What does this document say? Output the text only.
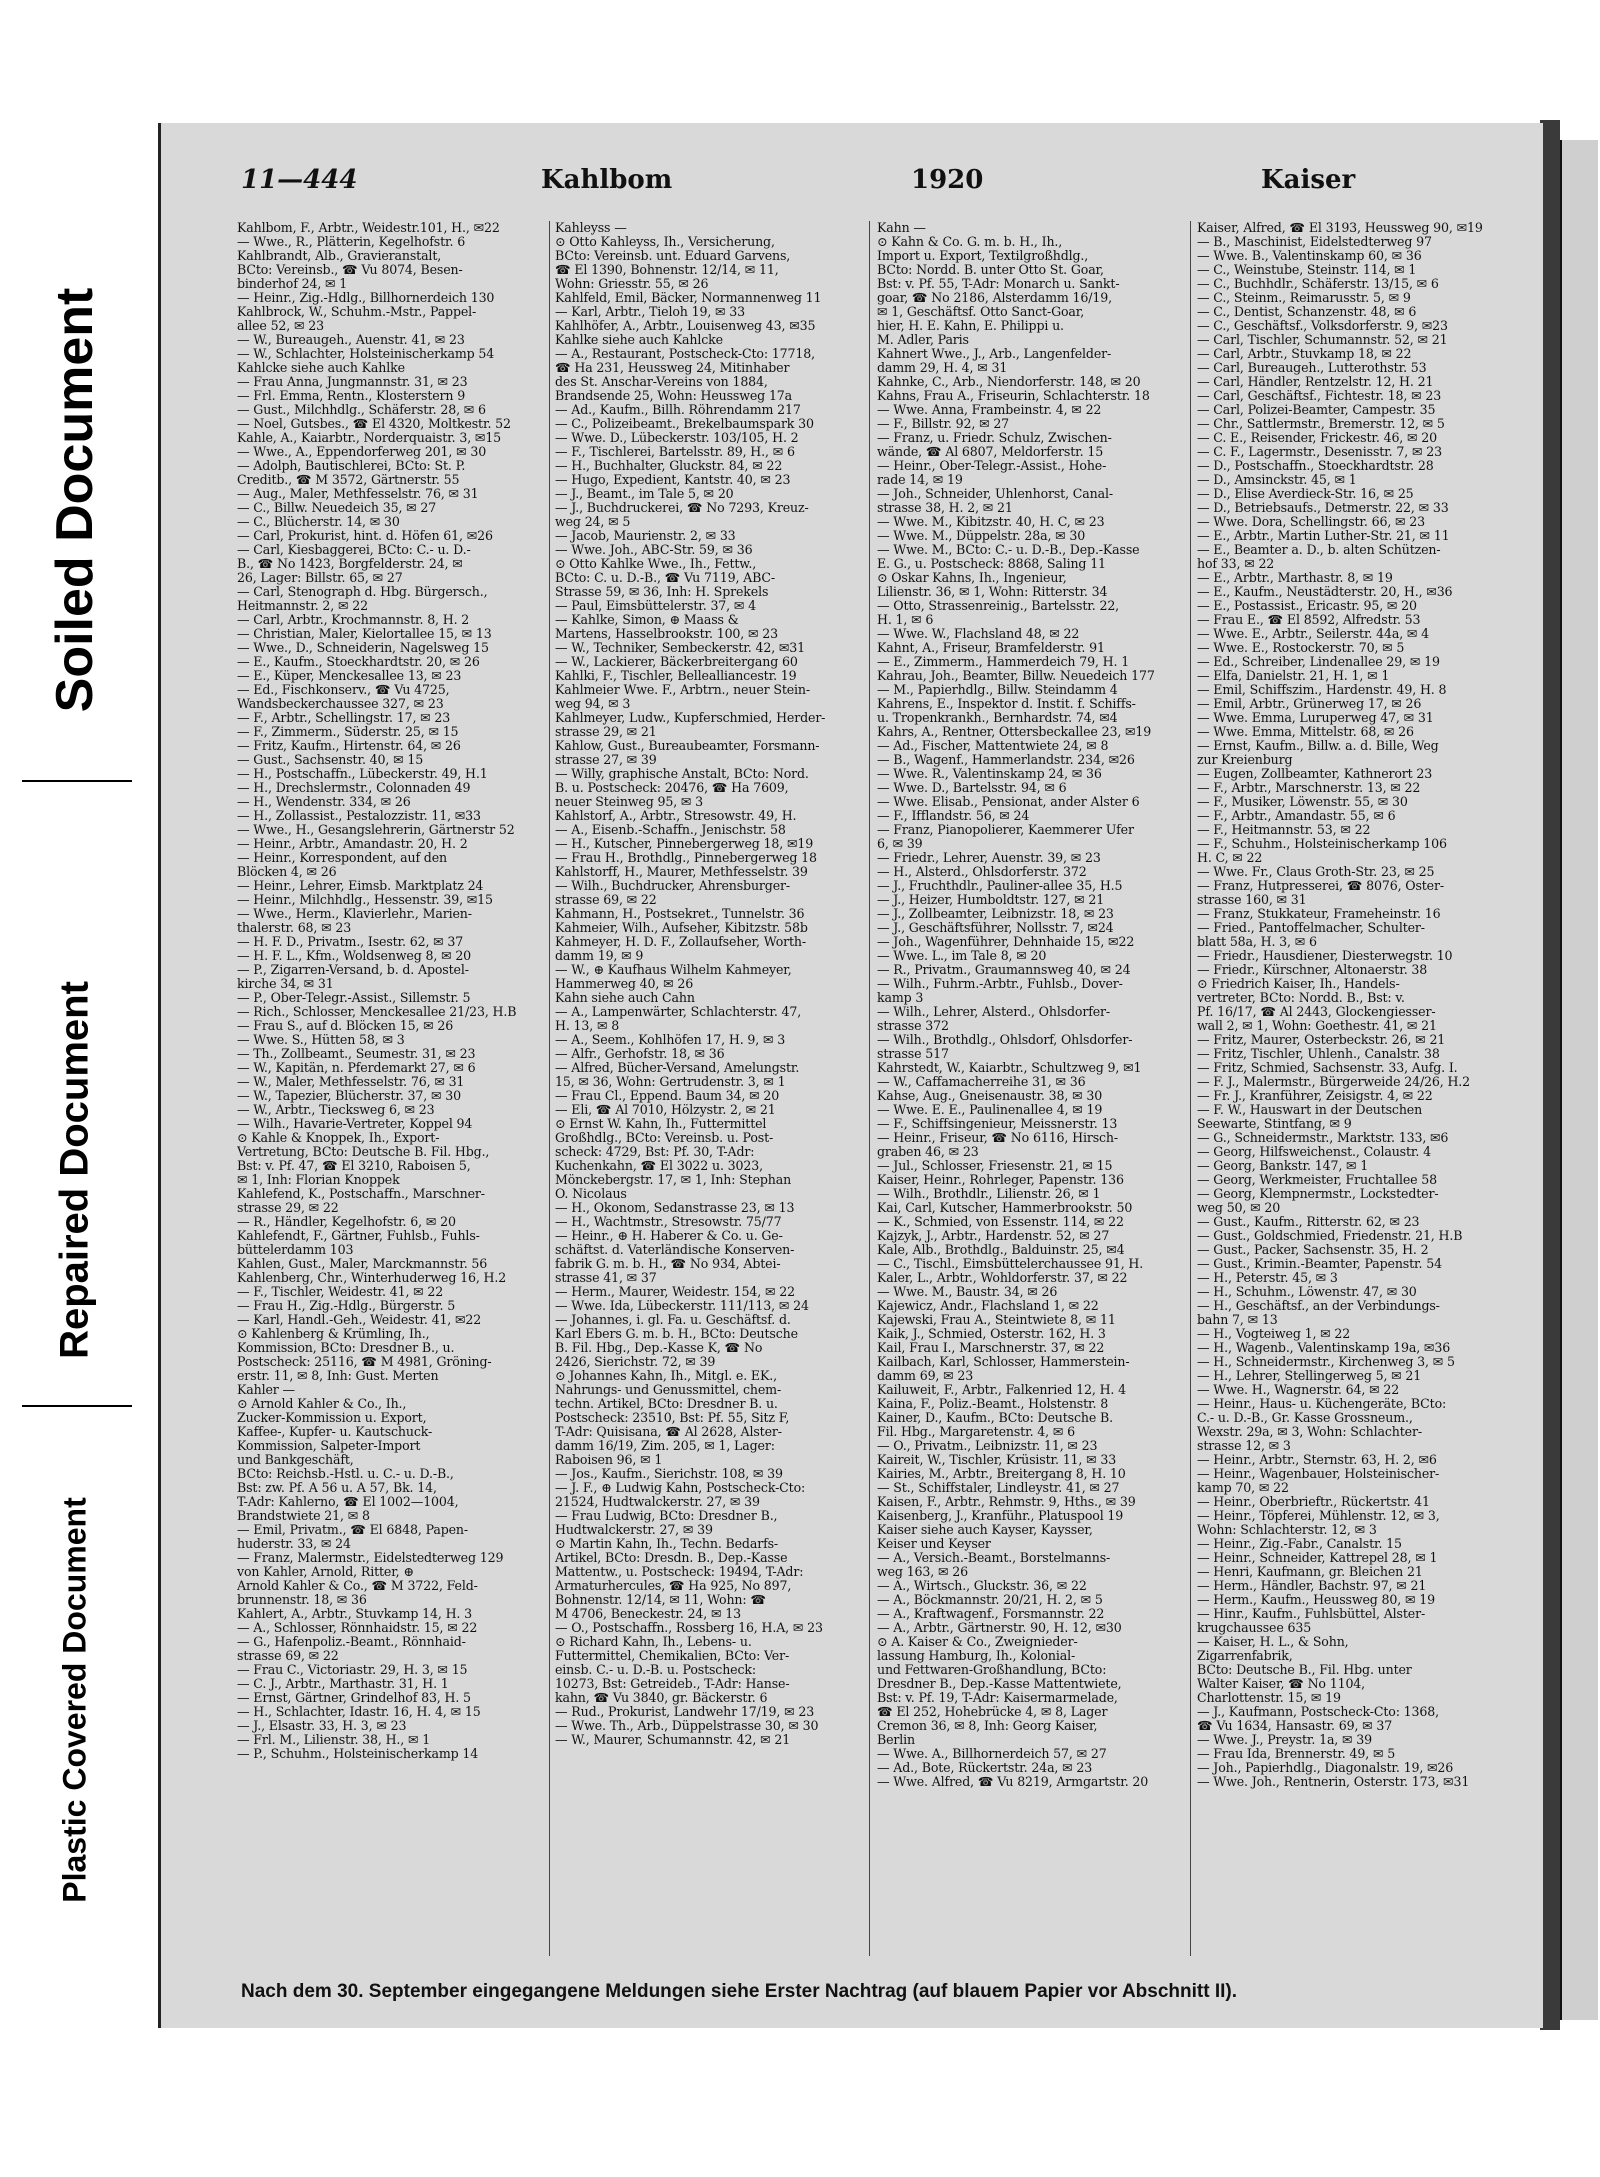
Soiled Document
Repaired Document
Plastic Covered Document
11—444	Kahlbom	1920	Kaiser
Kahlbom, F., Arbtr., Weidestr.101, H., ✉22
— Wwe., R., Plätterin, Kegelhofstr. 6
Kahlbrandt, Alb., Gravieranstalt,
BCto: Vereinsb., ☎ Vu 8074, Besen-
binderhof 24, ✉ 1
— Heinr., Zig.-Hdlg., Billhornerdeich 130
Kahlbrock, W., Schuhm.-Mstr., Pappel-
allee 52, ✉ 23
— W., Bureaugeh., Auenstr. 41, ✉ 23
— W., Schlachter, Holsteinischerkamp 54
Kahlcke siehe auch Kahlke
— Frau Anna, Jungmannstr. 31, ✉ 23
— Frl. Emma, Rentn., Klosterstern 9
— Gust., Milchhdlg., Schäferstr. 28, ✉ 6
— Noel, Gutsbes., ☎ El 4320, Moltkestr. 52
Kahle, A., Kaiarbtr., Norderquaistr. 3, ✉15
— Wwe., A., Eppendorferweg 201, ✉ 30
— Adolph, Bautischlerei, BCto: St. P.
Creditb., ☎ M 3572, Gärtnerstr. 55
— Aug., Maler, Methfesselstr. 76, ✉ 31
— C., Billw. Neuedeich 35, ✉ 27
— C., Blücherstr. 14, ✉ 30
— Carl, Prokurist, hint. d. Höfen 61, ✉26
— Carl, Kiesbaggerei, BCto: C.- u. D.-
B., ☎ No 1423, Borgfelderstr. 24, ✉
26, Lager: Billstr. 65, ✉ 27
— Carl, Stenograph d. Hbg. Bürgersch.,
Heitmannstr. 2, ✉ 22
— Carl, Arbtr., Krochmannstr. 8, H. 2
— Christian, Maler, Kielortallee 15, ✉ 13
— Wwe., D., Schneiderin, Nagelsweg 15
— E., Kaufm., Stoeckhardtstr. 20, ✉ 26
— E., Küper, Menckesallee 13, ✉ 23
— Ed., Fischkonserv., ☎ Vu 4725,
Wandsbeckerchaussee 327, ✉ 23
— F., Arbtr., Schellingstr. 17, ✉ 23
— F., Zimmerm., Süderstr. 25, ✉ 15
— Fritz, Kaufm., Hirtenstr. 64, ✉ 26
— Gust., Sachsenstr. 40, ✉ 15
— H., Postschaffn., Lübeckerstr. 49, H.1
— H., Drechslermstr., Colonnaden 49
— H., Wendenstr. 334, ✉ 26
— H., Zollassist., Pestalozzistr. 11, ✉33
— Wwe., H., Gesangslehrerin, Gärtnerstr 52
— Heinr., Arbtr., Amandastr. 20, H. 2
— Heinr., Korrespondent, auf den
Blöcken 4, ✉ 26
— Heinr., Lehrer, Eimsb. Marktplatz 24
— Heinr., Milchhdlg., Hessenstr. 39, ✉15
— Wwe., Herm., Klavierlehr., Marien-
thalerstr. 68, ✉ 23
— H. F. D., Privatm., Isestr. 62, ✉ 37
— H. F. L., Kfm., Woldsenweg 8, ✉ 20
— P., Zigarren-Versand, b. d. Apostel-
kirche 34, ✉ 31
— P., Ober-Telegr.-Assist., Sillemstr. 5
— Rich., Schlosser, Menckesallee 21/23, H.B
— Frau S., auf d. Blöcken 15, ✉ 26
— Wwe. S., Hütten 58, ✉ 3
— Th., Zollbeamt., Seumestr. 31, ✉ 23
— W., Kapitän, n. Pferdemarkt 27, ✉ 6
— W., Maler, Methfesselstr. 76, ✉ 31
— W., Tapezier, Blücherstr. 37, ✉ 30
— W., Arbtr., Tiecksweg 6, ✉ 23
— Wilh., Havarie-Vertreter, Koppel 94
⊙ Kahle & Knoppek, Ih., Export-
Vertretung, BCto: Deutsche B. Fil. Hbg.,
Bst: v. Pf. 47, ☎ El 3210, Raboisen 5,
✉ 1, Inh: Florian Knoppek
Kahlefend, K., Postschaffn., Marschner-
strasse 29, ✉ 22
— R., Händler, Kegelhofstr. 6, ✉ 20
Kahlefendt, F., Gärtner, Fuhlsb., Fuhls-
büttelerdamm 103
Kahlen, Gust., Maler, Marckmannstr. 56
Kahlenberg, Chr., Winterhuderweg 16, H.2
— F., Tischler, Weidestr. 41, ✉ 22
— Frau H., Zig.-Hdlg., Bürgerstr. 5
— Karl, Handl.-Geh., Weidestr. 41, ✉22
⊙ Kahlenberg & Krümling, Ih.,
Kommission, BCto: Dresdner B., u.
Postscheck: 25116, ☎ M 4981, Gröning-
erstr. 11, ✉ 8, Inh: Gust. Merten
Kahler —
⊙ Arnold Kahler & Co., Ih.,
Zucker-Kommission u. Export,
Kaffee-, Kupfer- u. Kautschuck-
Kommission, Salpeter-Import
und Bankgeschäft,
BCto: Reichsb.-Hstl. u. C.- u. D.-B.,
Bst: zw. Pf. A 56 u. A 57, Bk. 14,
T-Adr: Kahlerno, ☎ El 1002—1004,
Brandstwiete 21, ✉ 8
— Emil, Privatm., ☎ El 6848, Papen-
huderstr. 33, ✉ 24
— Franz, Malermstr., Eidelstedterweg 129
von Kahler, Arnold, Ritter, ⊕
Arnold Kahler & Co., ☎ M 3722, Feld-
brunnenstr. 18, ✉ 36
Kahlert, A., Arbtr., Stuvkamp 14, H. 3
— A., Schlosser, Rönnhaidstr. 15, ✉ 22
— G., Hafenpoliz.-Beamt., Rönnhaid-
strasse 69, ✉ 22
— Frau C., Victoriastr. 29, H. 3, ✉ 15
— C. J., Arbtr., Marthastr. 31, H. 1
— Ernst, Gärtner, Grindelhof 83, H. 5
— H., Schlachter, Idastr. 16, H. 4, ✉ 15
— J., Elsastr. 33, H. 3, ✉ 23
— Frl. M., Lilienstr. 38, H., ✉ 1
— P., Schuhm., Holsteinischerkamp 14
Kahleyss —
⊙ Otto Kahleyss, Ih., Versicherung,
BCto: Vereinsb. unt. Eduard Garvens,
☎ El 1390, Bohnenstr. 12/14, ✉ 11,
Wohn: Griesstr. 55, ✉ 26
Kahlfeld, Emil, Bäcker, Normannenweg 11
— Karl, Arbtr., Tieloh 19, ✉ 33
Kahlhöfer, A., Arbtr., Louisenweg 43, ✉35
Kahlke siehe auch Kahlcke
— A., Restaurant, Postscheck-Cto: 17718,
☎ Ha 231, Heussweg 24, Mitinhaber
des St. Anschar-Vereins von 1884,
Brandsende 25, Wohn: Heussweg 17a
— Ad., Kaufm., Billh. Röhrendamm 217
— C., Polizeibeamt., Brekelbaumspark 30
— Wwe. D., Lübeckerstr. 103/105, H. 2
— F., Tischlerei, Bartelsstr. 89, H., ✉ 6
— H., Buchhalter, Gluckstr. 84, ✉ 22
— Hugo, Expedient, Kantstr. 40, ✉ 23
— J., Beamt., im Tale 5, ✉ 20
— J., Buchdruckerei, ☎ No 7293, Kreuz-
weg 24, ✉ 5
— Jacob, Maurienstr. 2, ✉ 33
— Wwe. Joh., ABC-Str. 59, ✉ 36
⊙ Otto Kahlke Wwe., Ih., Fettw.,
BCto: C. u. D.-B., ☎ Vu 7119, ABC-
Strasse 59, ✉ 36, Inh: H. Sprekels
— Paul, Eimsbüttelerstr. 37, ✉ 4
— Kahlke, Simon, ⊕ Maass &
Martens, Hasselbrookstr. 100, ✉ 23
— W., Techniker, Sembeckerstr. 42, ✉31
— W., Lackierer, Bäckerbreitergang 60
Kahlki, F., Tischler, Bellealliancestr. 19
Kahlmeier Wwe. F., Arbtrn., neuer Stein-
weg 94, ✉ 3
Kahlmeyer, Ludw., Kupferschmied, Herder-
strasse 29, ✉ 21
Kahlow, Gust., Bureaubeamter, Forsmann-
strasse 27, ✉ 39
— Willy, graphische Anstalt, BCto: Nord.
B. u. Postscheck: 20476, ☎ Ha 7609,
neuer Steinweg 95, ✉ 3
Kahlstorf, A., Arbtr., Stresowstr. 49, H.
— A., Eisenb.-Schaffn., Jenischstr. 58
— H., Kutscher, Pinnebergerweg 18, ✉19
— Frau H., Brothdlg., Pinnebergerweg 18
Kahlstorff, H., Maurer, Methfesselstr. 39
— Wilh., Buchdrucker, Ahrensburger-
strasse 69, ✉ 22
Kahmann, H., Postsekret., Tunnelstr. 36
Kahmeier, Wilh., Aufseher, Kibitzstr. 58b
Kahmeyer, H. D. F., Zollaufseher, Worth-
damm 19, ✉ 9
— W., ⊕ Kaufhaus Wilhelm Kahmeyer,
Hammerweg 40, ✉ 26
Kahn siehe auch Cahn
— A., Lampenwärter, Schlachterstr. 47,
H. 13, ✉ 8
— A., Seem., Kohlhöfen 17, H. 9, ✉ 3
— Alfr., Gerhofstr. 18, ✉ 36
— Alfred, Bücher-Versand, Amelungstr.
15, ✉ 36, Wohn: Gertrudenstr. 3, ✉ 1
— Frau Cl., Eppend. Baum 34, ✉ 20
— Eli, ☎ Al 7010, Hölzystr. 2, ✉ 21
⊙ Ernst W. Kahn, Ih., Futtermittel
Großhdlg., BCto: Vereinsb. u. Post-
scheck: 4729, Bst: Pf. 30, T-Adr:
Kuchenkahn, ☎ El 3022 u. 3023,
Mönckebergstr. 17, ✉ 1, Inh: Stephan
O. Nicolaus
— H., Ökonom, Sedanstrasse 23, ✉ 13
— H., Wachtmstr., Stresowstr. 75/77
— Heinr., ⊕ H. Haberer & Co. u. Ge-
schäftst. d. Vaterländische Konserven-
fabrik G. m. b. H., ☎ No 934, Abtei-
strasse 41, ✉ 37
— Herm., Maurer, Weidestr. 154, ✉ 22
— Wwe. Ida, Lübeckerstr. 111/113, ✉ 24
— Johannes, i. gl. Fa. u. Geschäftsf. d.
Karl Ebers G. m. b. H., BCto: Deutsche
B. Fil. Hbg., Dep.-Kasse K, ☎ No
2426, Sierichstr. 72, ✉ 39
⊙ Johannes Kahn, Ih., Mitgl. e. EK.,
Nahrungs- und Genussmittel, chem-
techn. Artikel, BCto: Dresdner B. u.
Postscheck: 23510, Bst: Pf. 55, Sitz F,
T-Adr: Quisisana, ☎ Al 2628, Alster-
damm 16/19, Zim. 205, ✉ 1, Lager:
Raboisen 96, ✉ 1
— Jos., Kaufm., Sierichstr. 108, ✉ 39
— J. F., ⊕ Ludwig Kahn, Postscheck-Cto:
21524, Hudtwalckerstr. 27, ✉ 39
— Frau Ludwig, BCto: Dresdner B.,
Hudtwalckerstr. 27, ✉ 39
⊙ Martin Kahn, Ih., Techn. Bedarfs-
Artikel, BCto: Dresdn. B., Dep.-Kasse
Mattentw., u. Postscheck: 19494, T-Adr:
Armaturhercules, ☎ Ha 925, No 897,
Bohnenstr. 12/14, ✉ 11, Wohn: ☎
M 4706, Beneckestr. 24, ✉ 13
— O., Postschaffn., Rossberg 16, H.A, ✉ 23
⊙ Richard Kahn, Ih., Lebens- u.
Futtermittel, Chemikalien, BCto: Ver-
einsb. C.- u. D.-B. u. Postscheck:
10273, Bst: Getreideb., T-Adr: Hanse-
kahn, ☎ Vu 3840, gr. Bäckerstr. 6
— Rud., Prokurist, Landwehr 17/19, ✉ 23
— Wwe. Th., Arb., Düppelstrasse 30, ✉ 30
— W., Maurer, Schumannstr. 42, ✉ 21
Kahn —
⊙ Kahn & Co. G. m. b. H., Ih.,
Import u. Export, Textilgroßhdlg.,
BCto: Nordd. B. unter Otto St. Goar,
Bst: v. Pf. 55, T-Adr: Monarch u. Sankt-
goar, ☎ No 2186, Alsterdamm 16/19,
✉ 1, Geschäftsf. Otto Sanct-Goar,
hier, H. E. Kahn, E. Philippi u.
M. Adler, Paris
Kahnert Wwe., J., Arb., Langenfelder-
damm 29, H. 4, ✉ 31
Kahnke, C., Arb., Niendorferstr. 148, ✉ 20
Kahns, Frau A., Friseurin, Schlachterstr. 18
— Wwe. Anna, Frambeinstr. 4, ✉ 22
— F., Billstr. 92, ✉ 27
— Franz, u. Friedr. Schulz, Zwischen-
wände, ☎ Al 6807, Meldorferstr. 15
— Heinr., Ober-Telegr.-Assist., Hohe-
rade 14, ✉ 19
— Joh., Schneider, Uhlenhorst, Canal-
strasse 38, H. 2, ✉ 21
— Wwe. M., Kibitzstr. 40, H. C, ✉ 23
— Wwe. M., Düppelstr. 28a, ✉ 30
— Wwe. M., BCto: C.- u. D.-B., Dep.-Kasse
E. G., u. Postscheck: 8868, Saling 11
⊙ Oskar Kahns, Ih., Ingenieur,
Lilienstr. 36, ✉ 1, Wohn: Ritterstr. 34
— Otto, Strassenreinig., Bartelsstr. 22,
H. 1, ✉ 6
— Wwe. W., Flachsland 48, ✉ 22
Kahnt, A., Friseur, Bramfelderstr. 91
— E., Zimmerm., Hammerdeich 79, H. 1
Kahrau, Joh., Beamter, Billw. Neuedeich 177
— M., Papierhdlg., Billw. Steindamm 4
Kahrens, E., Inspektor d. Instit. f. Schiffs-
u. Tropenkrankh., Bernhardstr. 74, ✉4
Kahrs, A., Rentner, Ottersbeckallee 23, ✉19
— Ad., Fischer, Mattentwiete 24, ✉ 8
— B., Wagenf., Hammerlandstr. 234, ✉26
— Wwe. R., Valentinskamp 24, ✉ 36
— Wwe. D., Bartelsstr. 94, ✉ 6
— Wwe. Elisab., Pensionat, ander Alster 6
— F., Ifflandstr. 56, ✉ 24
— Franz, Pianopolierer, Kaemmerer Ufer
6, ✉ 39
— Friedr., Lehrer, Auenstr. 39, ✉ 23
— H., Alsterd., Ohlsdorferstr. 372
— J., Fruchthdlr., Pauliner-allee 35, H.5
— J., Heizer, Humboldtstr. 127, ✉ 21
— J., Zollbeamter, Leibnizstr. 18, ✉ 23
— J., Geschäftsführer, Nollsstr. 7, ✉24
— Joh., Wagenführer, Dehnhaide 15, ✉22
— Wwe. L., im Tale 8, ✉ 20
— R., Privatm., Graumannsweg 40, ✉ 24
— Wilh., Fuhrm.-Arbtr., Fuhlsb., Dover-
kamp 3
— Wilh., Lehrer, Alsterd., Ohlsdorfer-
strasse 372
— Wilh., Brothdlg., Ohlsdorf, Ohlsdorfer-
strasse 517
Kahrstedt, W., Kaiarbtr., Schultzweg 9, ✉1
— W., Caffamacherreihe 31, ✉ 36
Kahse, Aug., Gneisenaustr. 38, ✉ 30
— Wwe. E. E., Paulinenallee 4, ✉ 19
— F., Schiffsingenieur, Meissnerstr. 13
— Heinr., Friseur, ☎ No 6116, Hirsch-
graben 46, ✉ 23
— Jul., Schlosser, Friesenstr. 21, ✉ 15
Kaiser, Heinr., Rohrleger, Papenstr. 136
— Wilh., Brothdlr., Lilienstr. 26, ✉ 1
Kai, Carl, Kutscher, Hammerbrookstr. 50
— K., Schmied, von Essenstr. 114, ✉ 22
Kajzyk, J., Arbtr., Hardenstr. 52, ✉ 27
Kale, Alb., Brothdlg., Balduinstr. 25, ✉4
— C., Tischl., Eimsbüttelerchaussee 91, H.
Kaler, L., Arbtr., Wohldorferstr. 37, ✉ 22
— Wwe. M., Baustr. 34, ✉ 26
Kajewicz, Andr., Flachsland 1, ✉ 22
Kajewski, Frau A., Steintwiete 8, ✉ 11
Kaik, J., Schmied, Osterstr. 162, H. 3
Kail, Frau I., Marschnerstr. 37, ✉ 22
Kailbach, Karl, Schlosser, Hammerstein-
damm 69, ✉ 23
Kailuweit, F., Arbtr., Falkenried 12, H. 4
Kaina, F., Poliz.-Beamt., Holstenstr. 8
Kainer, D., Kaufm., BCto: Deutsche B.
Fil. Hbg., Margaretenstr. 4, ✉ 6
— O., Privatm., Leibnizstr. 11, ✉ 23
Kaireit, W., Tischler, Krüsistr. 11, ✉ 33
Kairies, M., Arbtr., Breitergang 8, H. 10
— St., Schiffstaler, Lindleystr. 41, ✉ 27
Kaisen, F., Arbtr., Rehmstr. 9, Hths., ✉ 39
Kaisenberg, J., Kranführ., Platuspool 19
Kaiser siehe auch Kayser, Kaysser,
Keiser und Keyser
— A., Versich.-Beamt., Borstelmanns-
weg 163, ✉ 26
— A., Wirtsch., Gluckstr. 36, ✉ 22
— A., Böckmannstr. 20/21, H. 2, ✉ 5
— A., Kraftwagenf., Forsmannstr. 22
— A., Arbtr., Gärtnerstr. 90, H. 12, ✉30
⊙ A. Kaiser & Co., Zweignieder-
lassung Hamburg, Ih., Kolonial-
und Fettwaren-Großhandlung, BCto:
Dresdner B., Dep.-Kasse Mattentwiete,
Bst: v. Pf. 19, T-Adr: Kaisermarmelade,
☎ El 252, Hohebrücke 4, ✉ 8, Lager
Cremon 36, ✉ 8, Inh: Georg Kaiser,
Berlin
— Wwe. A., Billhornerdeich 57, ✉ 27
— Ad., Bote, Rückertstr. 24a, ✉ 23
— Wwe. Alfred, ☎ Vu 8219, Armgartstr. 20
Kaiser, Alfred, ☎ El 3193, Heussweg 90, ✉19
— B., Maschinist, Eidelstedterweg 97
— Wwe. B., Valentinskamp 60, ✉ 36
— C., Weinstube, Steinstr. 114, ✉ 1
— C., Buchhdlr., Schäferstr. 13/15, ✉ 6
— C., Steinm., Reimarusstr. 5, ✉ 9
— C., Dentist, Schanzenstr. 48, ✉ 6
— C., Geschäftsf., Volksdorferstr. 9, ✉23
— Carl, Tischler, Schumannstr. 52, ✉ 21
— Carl, Arbtr., Stuvkamp 18, ✉ 22
— Carl, Bureaugeh., Lutterothstr. 53
— Carl, Händler, Rentzelstr. 12, H. 21
— Carl, Geschäftsf., Fichtestr. 18, ✉ 23
— Carl, Polizei-Beamter, Campestr. 35
— Chr., Sattlermstr., Bremerstr. 12, ✉ 5
— C. E., Reisender, Frickestr. 46, ✉ 20
— C. F., Lagermstr., Desenisstr. 7, ✉ 23
— D., Postschaffn., Stoeckhardtstr. 28
— D., Amsinckstr. 45, ✉ 1
— D., Elise Averdieck-Str. 16, ✉ 25
— D., Betriebsaufs., Detmerstr. 22, ✉ 33
— Wwe. Dora, Schellingstr. 66, ✉ 23
— E., Arbtr., Martin Luther-Str. 21, ✉ 11
— E., Beamter a. D., b. alten Schützen-
hof 33, ✉ 22
— E., Arbtr., Marthastr. 8, ✉ 19
— E., Kaufm., Neustädterstr. 20, H., ✉36
— E., Postassist., Ericastr. 95, ✉ 20
— Frau E., ☎ El 8592, Alfredstr. 53
— Wwe. E., Arbtr., Seilerstr. 44a, ✉ 4
— Wwe. E., Rostockerstr. 70, ✉ 5
— Ed., Schreiber, Lindenallee 29, ✉ 19
— Elfa, Danielstr. 21, H. 1, ✉ 1
— Emil, Schiffszim., Hardenstr. 49, H. 8
— Emil, Arbtr., Grünerweg 17, ✉ 26
— Wwe. Emma, Luruperweg 47, ✉ 31
— Wwe. Emma, Mittelstr. 68, ✉ 26
— Ernst, Kaufm., Billw. a. d. Bille, Weg
zur Kreienburg
— Eugen, Zollbeamter, Kathnerort 23
— F., Arbtr., Marschnerstr. 13, ✉ 22
— F., Musiker, Löwenstr. 55, ✉ 30
— F., Arbtr., Amandastr. 55, ✉ 6
— F., Heitmannstr. 53, ✉ 22
— F., Schuhm., Holsteinischerkamp 106
H. C, ✉ 22
— Wwe. Fr., Claus Groth-Str. 23, ✉ 25
— Franz, Hutpresserei, ☎ 8076, Oster-
strasse 160, ✉ 31
— Franz, Stukkateur, Frameheinstr. 16
— Fried., Pantoffelmacher, Schulter-
blatt 58a, H. 3, ✉ 6
— Friedr., Hausdiener, Diesterwegstr. 10
— Friedr., Kürschner, Altonaerstr. 38
⊙ Friedrich Kaiser, Ih., Handels-
vertreter, BCto: Nordd. B., Bst: v.
Pf. 16/17, ☎ Al 2443, Glockengiesser-
wall 2, ✉ 1, Wohn: Goethestr. 41, ✉ 21
— Fritz, Maurer, Osterbeckstr. 26, ✉ 21
— Fritz, Tischler, Uhlenh., Canalstr. 38
— Fritz, Schmied, Sachsenstr. 33, Aufg. I.
— F. J., Malermstr., Bürgerweide 24/26, H.2
— Fr. J., Kranführer, Zeisigstr. 4, ✉ 22
— F. W., Hauswart in der Deutschen
Seewarte, Stintfang, ✉ 9
— G., Schneidermstr., Marktstr. 133, ✉6
— Georg, Hilfsweichenst., Colaustr. 4
— Georg, Bankstr. 147, ✉ 1
— Georg, Werkmeister, Fruchtallee 58
— Georg, Klempnermstr., Lockstedter-
weg 50, ✉ 20
— Gust., Kaufm., Ritterstr. 62, ✉ 23
— Gust., Goldschmied, Friedenstr. 21, H.B
— Gust., Packer, Sachsenstr. 35, H. 2
— Gust., Krimin.-Beamter, Papenstr. 54
— H., Peterstr. 45, ✉ 3
— H., Schuhm., Löwenstr. 47, ✉ 30
— H., Geschäftsf., an der Verbindungs-
bahn 7, ✉ 13
— H., Vogteiweg 1, ✉ 22
— H., Wagenb., Valentinskamp 19a, ✉36
— H., Schneidermstr., Kirchenweg 3, ✉ 5
— H., Lehrer, Stellingerweg 5, ✉ 21
— Wwe. H., Wagnerstr. 64, ✉ 22
— Heinr., Haus- u. Küchengeräte, BCto:
C.- u. D.-B., Gr. Kasse Grossneum.,
Wexstr. 29a, ✉ 3, Wohn: Schlachter-
strasse 12, ✉ 3
— Heinr., Arbtr., Sternstr. 63, H. 2, ✉6
— Heinr., Wagenbauer, Holsteinischer-
kamp 70, ✉ 22
— Heinr., Oberbrieftr., Rückertstr. 41
— Heinr., Töpferei, Mühlenstr. 12, ✉ 3,
Wohn: Schlachterstr. 12, ✉ 3
— Heinr., Zig.-Fabr., Canalstr. 15
— Heinr., Schneider, Kattrepel 28, ✉ 1
— Henri, Kaufmann, gr. Bleichen 21
— Herm., Händler, Bachstr. 97, ✉ 21
— Herm., Kaufm., Heussweg 80, ✉ 19
— Hinr., Kaufm., Fuhlsbüttel, Alster-
krugchaussee 635
— Kaiser, H. L., & Sohn,
Zigarrenfabrik,
BCto: Deutsche B., Fil. Hbg. unter
Walter Kaiser, ☎ No 1104,
Charlottenstr. 15, ✉ 19
— J., Kaufmann, Postscheck-Cto: 1368,
☎ Vu 1634, Hansastr. 69, ✉ 37
— Wwe. J., Preystr. 1a, ✉ 39
— Frau Ida, Brennerstr. 49, ✉ 5
— Joh., Papierhdlg., Diagonalstr. 19, ✉26
— Wwe. Joh., Rentnerin, Osterstr. 173, ✉31
Nach dem 30. September eingegangene Meldungen siehe Erster Nachtrag (auf blauem Papier vor Abschnitt II).
